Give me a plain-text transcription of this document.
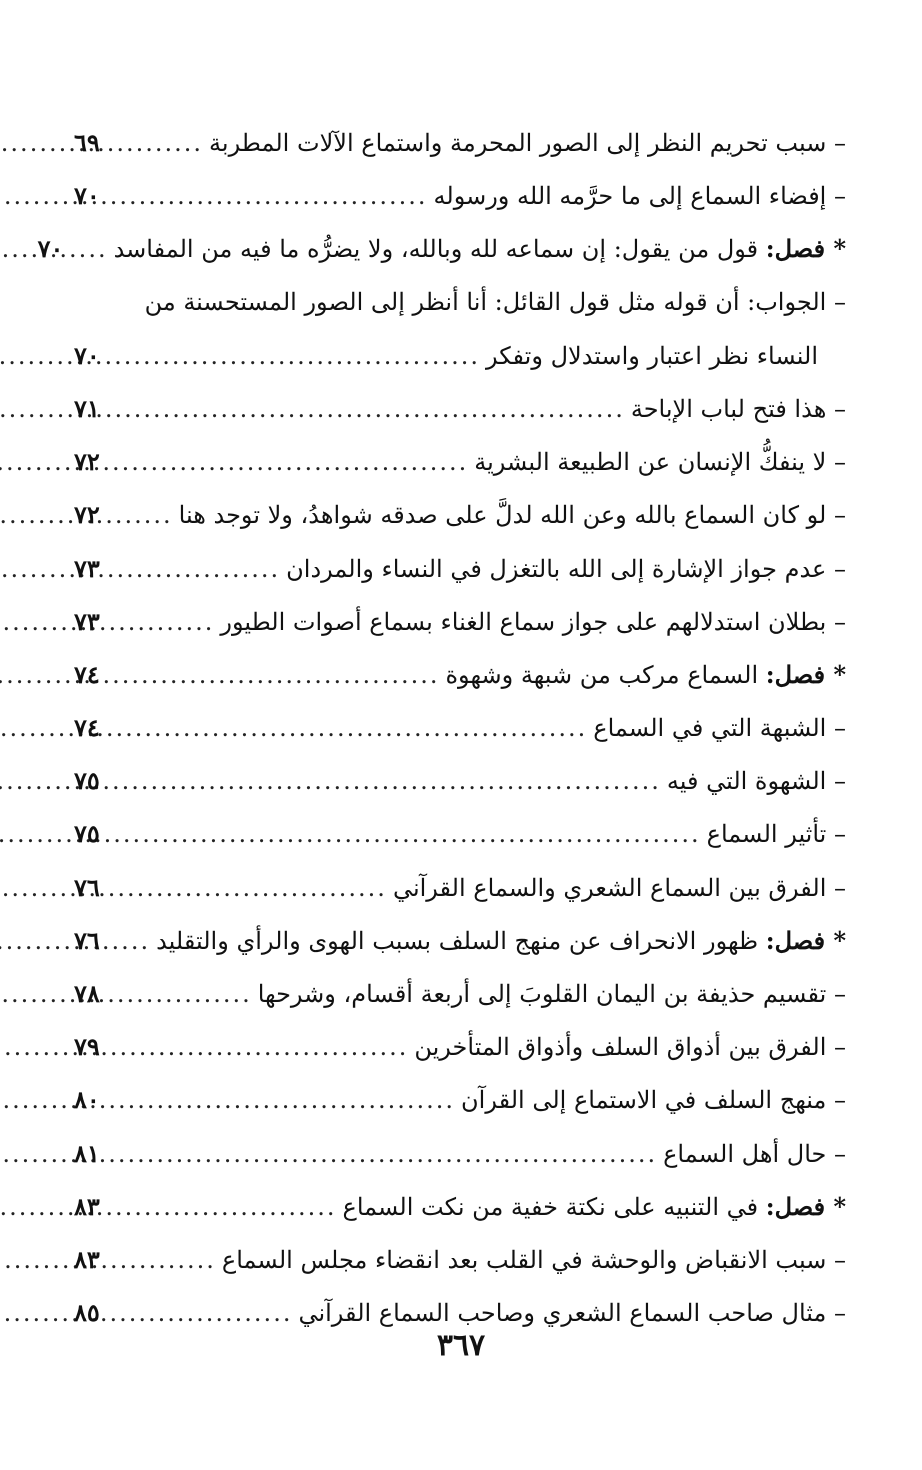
– سبب تحريم النظر إلى الصور المحرمة واستماع الآلات المطربة
.....
٦٩
– إفضاء السماع إلى ما حرَّمه الله ورسوله
.....
٧٠
* فصل: قول من يقول: إن سماعه لله وبالله، ولا يضرُّه ما فيه من المفاسد
.....
٧٠
– الجواب: أن قوله مثل قول القائل: أنا أنظر إلى الصور المستحسنة من
النساء نظر اعتبار واستدلال وتفكر
.....
٧٠
– هذا فتح لباب الإباحة
.....
٧١
– لا ينفكُّ الإنسان عن الطبيعة البشرية
.....
٧٢
– لو كان السماع بالله وعن الله لدلَّ على صدقه شواهدُ، ولا توجد هنا
.....
٧٢
– عدم جواز الإشارة إلى الله بالتغزل في النساء والمردان
.....
٧٣
– بطلان استدلالهم على جواز سماع الغناء بسماع أصوات الطيور
.....
٧٣
* فصل: السماع مركب من شبهة وشهوة
.....
٧٤
– الشبهة التي في السماع
.....
٧٤
– الشهوة التي فيه
.....
٧٥
– تأثير السماع
.....
٧٥
– الفرق بين السماع الشعري والسماع القرآني
.....
٧٦
* فصل: ظهور الانحراف عن منهج السلف بسبب الهوى والرأي والتقليد
.....
٧٦
– تقسيم حذيفة بن اليمان القلوبَ إلى أربعة أقسام، وشرحها
.....
٧٨
– الفرق بين أذواق السلف وأذواق المتأخرين
.....
٧٩
– منهج السلف في الاستماع إلى القرآن
.....
٨٠
– حال أهل السماع
.....
٨١
* فصل: في التنبيه على نكتة خفية من نكت السماع
.....
٨٣
– سبب الانقباض والوحشة في القلب بعد انقضاء مجلس السماع
.....
٨٣
– مثال صاحب السماع الشعري وصاحب السماع القرآني
.....
٨٥
٣٦٧
